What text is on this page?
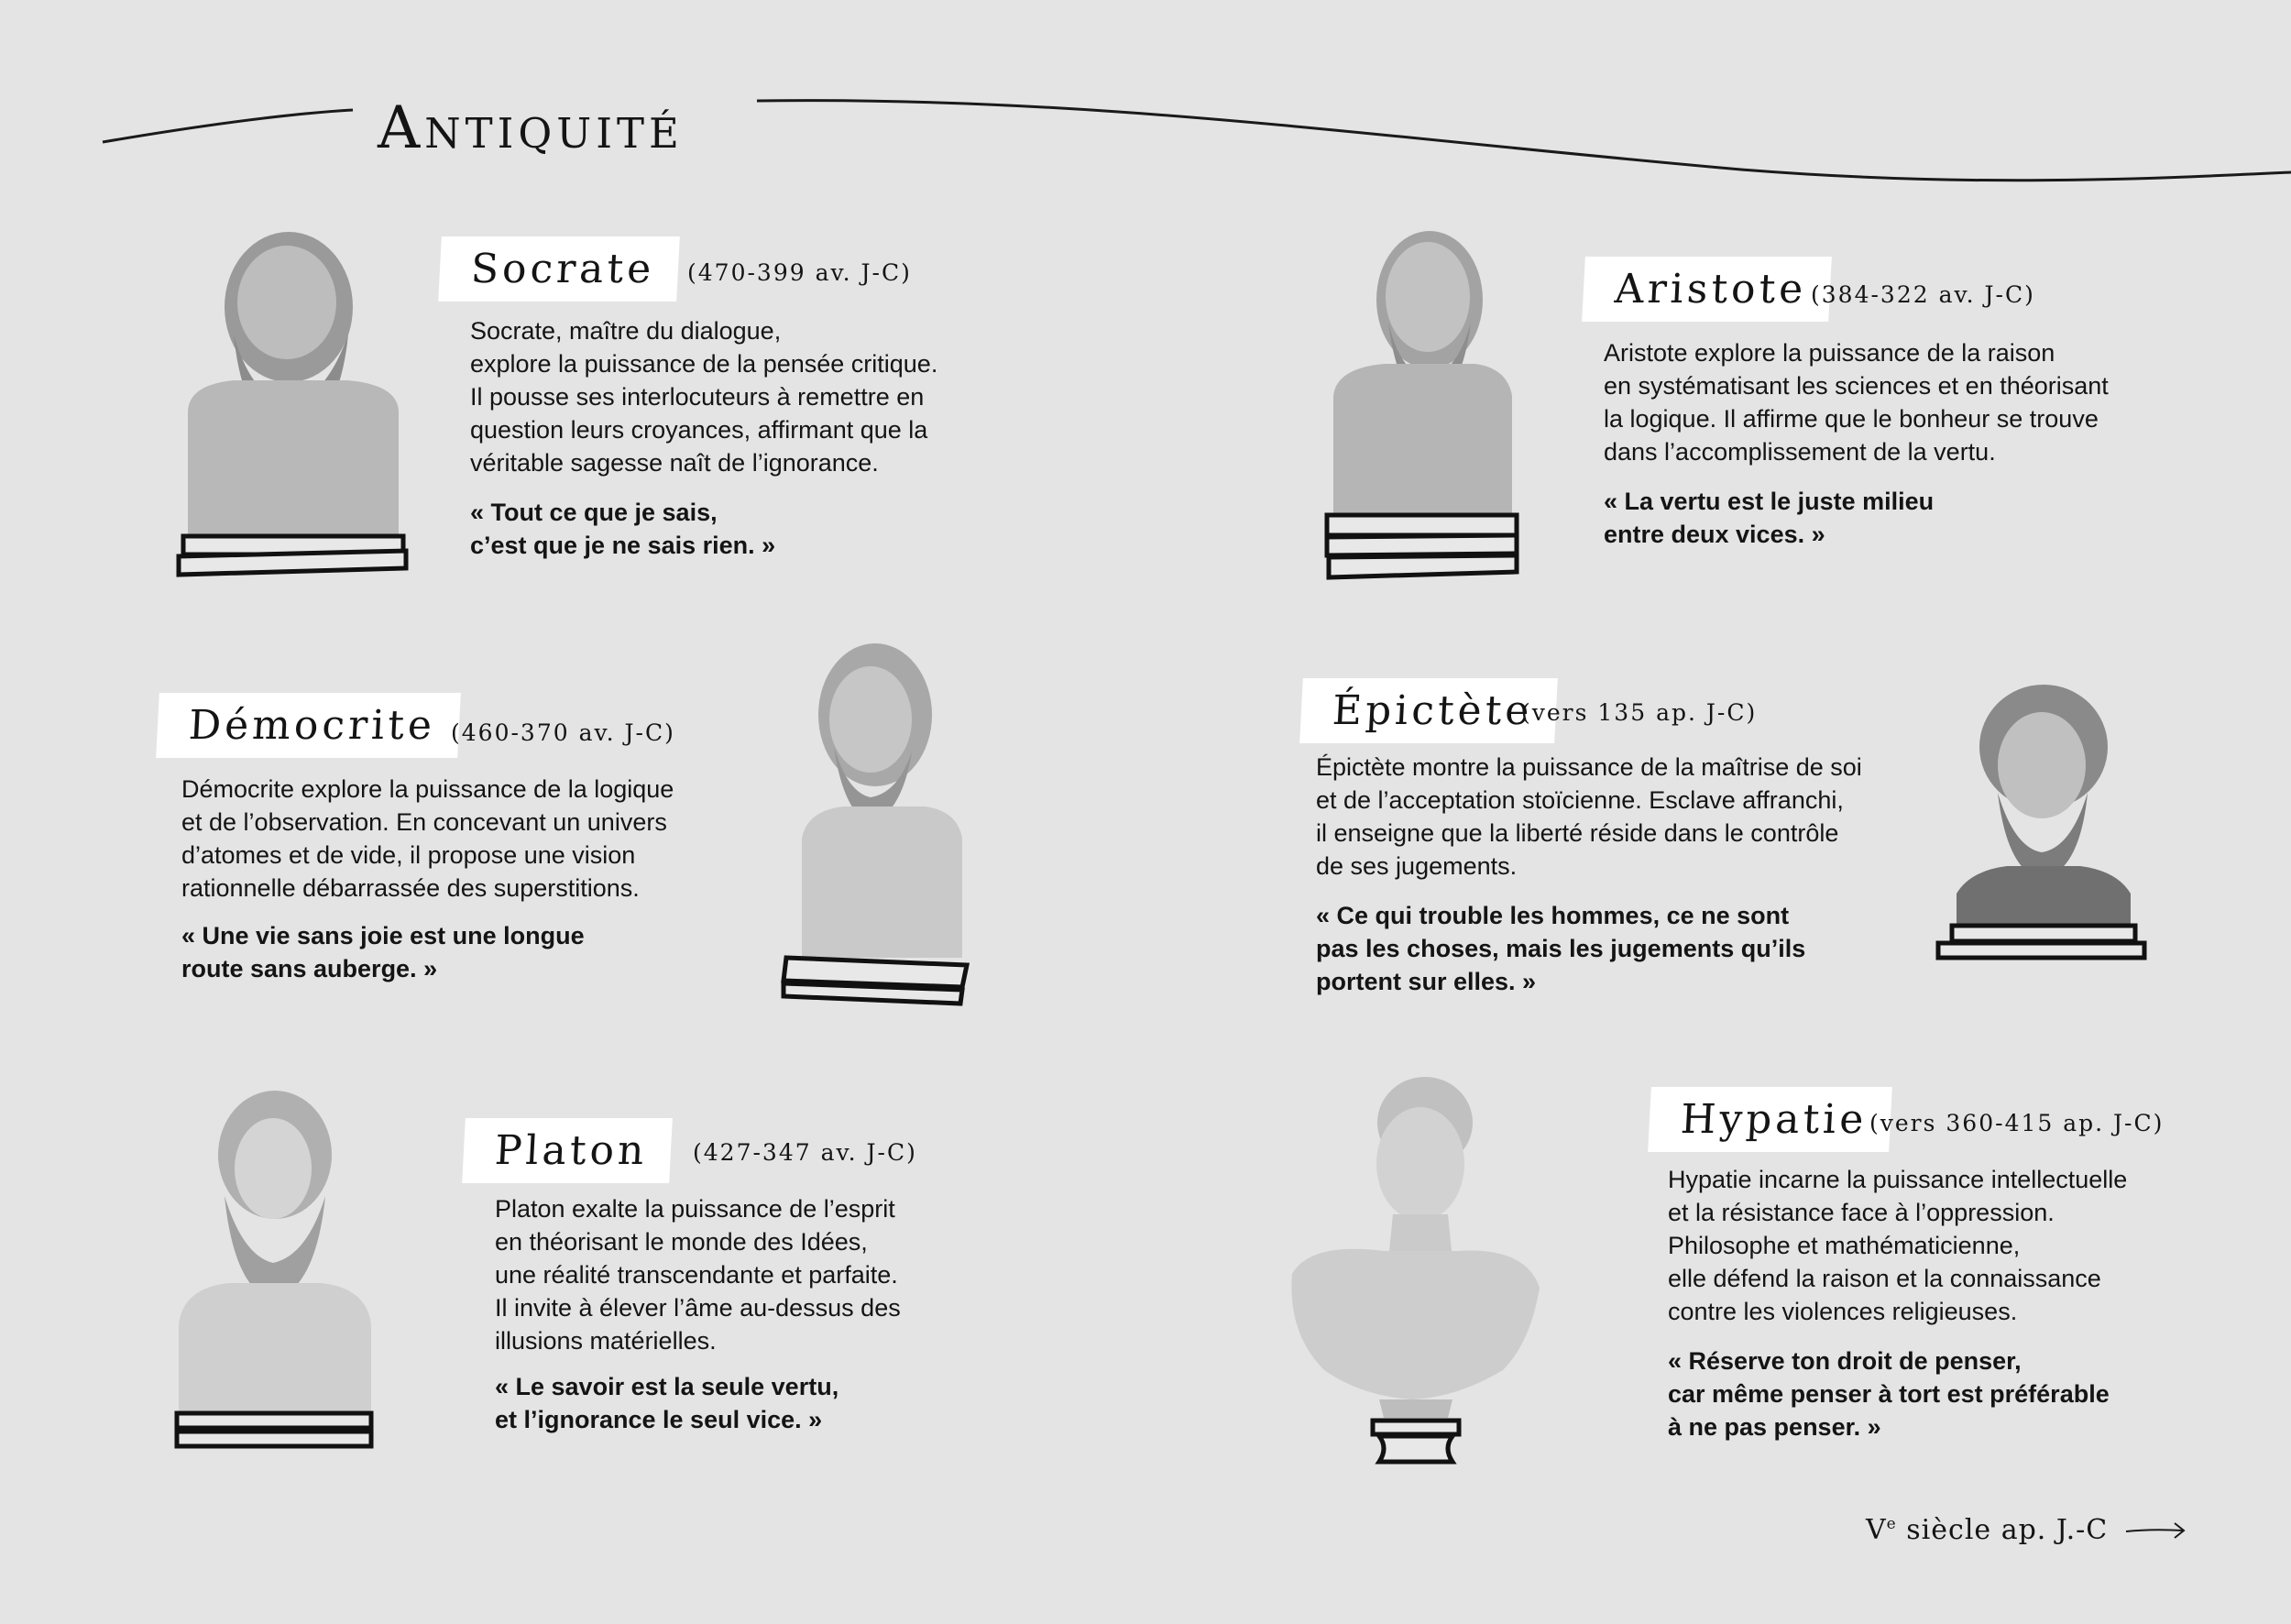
Antiquité
Socrate	(470-399 av. J-C)
Socrate, maître du dialogue,
explore la puissance de la pensée critique.
Il pousse ses interlocuteurs à remettre en
question leurs croyances, affirmant que la
véritable sagesse naît de l’ignorance.
« Tout ce que je sais,
c’est que je ne sais rien. »
Aristote (384-322 av. J-C)
Aristote explore la puissance de la raison
en systématisant les sciences et en théorisant
la logique. Il affirme que le bonheur se trouve
dans l’accomplissement de la vertu.
« La vertu est le juste milieu
entre deux vices. »
Démocrite (460-370 av. J-C)
Démocrite explore la puissance de la logique
et de l’observation. En concevant un univers
d’atomes et de vide, il propose une vision
rationnelle débarrassée des superstitions.
« Une vie sans joie est une longue
route sans auberge. »
Épictète
(vers 135 ap. J-C)
Épictète montre la puissance de la maîtrise de soi
et de l’acceptation stoïcienne. Esclave affranchi,
il enseigne que la liberté réside dans le contrôle
de ses jugements.
« Ce qui trouble les hommes, ce ne sont
pas les choses, mais les jugements qu’ils
portent sur elles. »
Platon	(427-347 av. J-C)
Platon exalte la puissance de l’esprit
en théorisant le monde des Idées,
une réalité transcendante et parfaite.
Il invite à élever l’âme au-dessus des
illusions matérielles.
« Le savoir est la seule vertu,
et l’ignorance le seul vice. »
Hypatie (vers 360-415 ap. J-C)
Hypatie incarne la puissance intellectuelle
et la résistance face à l’oppression.
Philosophe et mathématicienne,
elle défend la raison et la connaissance
contre les violences religieuses.
« Réserve ton droit de penser,
car même penser à tort est préférable
à ne pas penser. »
Ve siècle ap. J.-C
